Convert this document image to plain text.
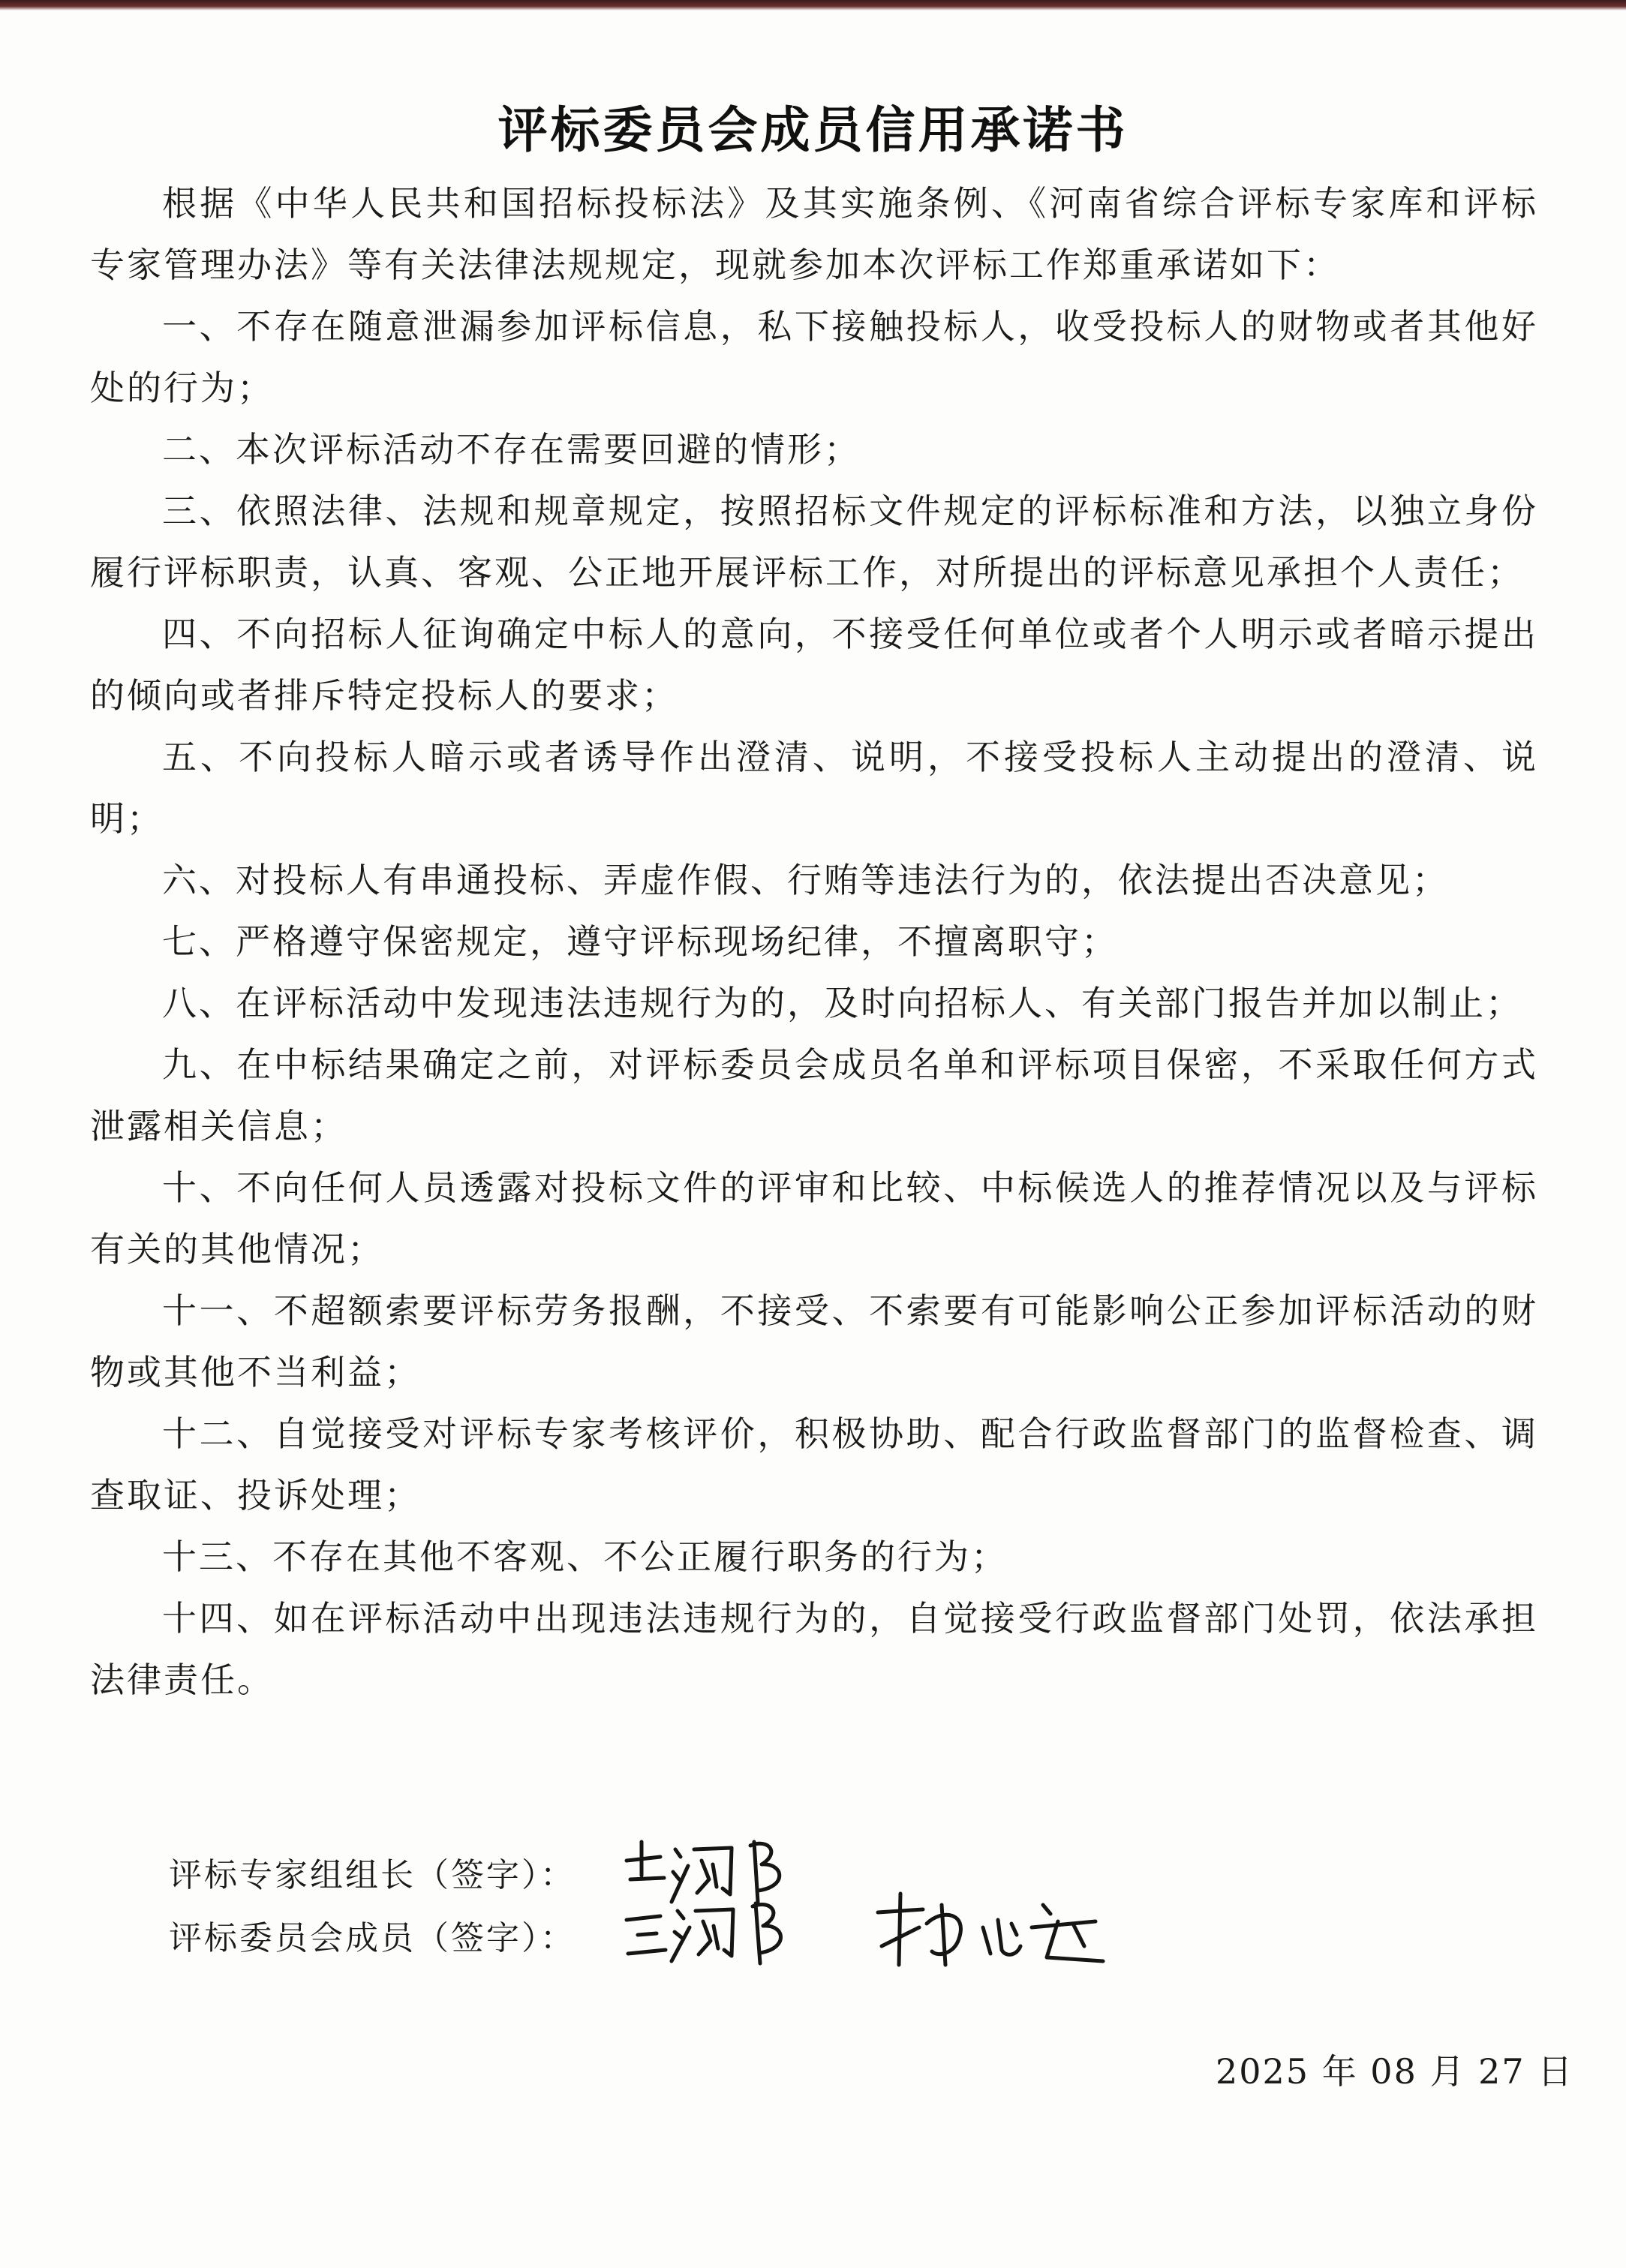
评标委员会成员信用承诺书

根据《中华人民共和国招标投标法》及其实施条例、《河南省综合评标专家库和评标专家管理办法》等有关法律法规规定，现就参加本次评标工作郑重承诺如下：

一、不存在随意泄漏参加评标信息，私下接触投标人，收受投标人的财物或者其他好处的行为；

二、本次评标活动不存在需要回避的情形；

三、依照法律、法规和规章规定，按照招标文件规定的评标标准和方法，以独立身份履行评标职责，认真、客观、公正地开展评标工作，对所提出的评标意见承担个人责任；

四、不向招标人征询确定中标人的意向，不接受任何单位或者个人明示或者暗示提出的倾向或者排斥特定投标人的要求；

五、不向投标人暗示或者诱导作出澄清、说明，不接受投标人主动提出的澄清、说明；

六、对投标人有串通投标、弄虚作假、行贿等违法行为的，依法提出否决意见；

七、严格遵守保密规定，遵守评标现场纪律，不擅离职守；

八、在评标活动中发现违法违规行为的，及时向招标人、有关部门报告并加以制止；

九、在中标结果确定之前，对评标委员会成员名单和评标项目保密，不采取任何方式泄露相关信息；

十、不向任何人员透露对投标文件的评审和比较、中标候选人的推荐情况以及与评标有关的其他情况；

十一、不超额索要评标劳务报酬，不接受、不索要有可能影响公正参加评标活动的财物或其他不当利益；

十二、自觉接受对评标专家考核评价，积极协助、配合行政监督部门的监督检查、调查取证、投诉处理；

十三、不存在其他不客观、不公正履行职务的行为；

十四、如在评标活动中出现违法违规行为的，自觉接受行政监督部门处罚，依法承担法律责任。

评标专家组组长（签字）：
评标委员会成员（签字）：
2025 年 08 月 27 日
